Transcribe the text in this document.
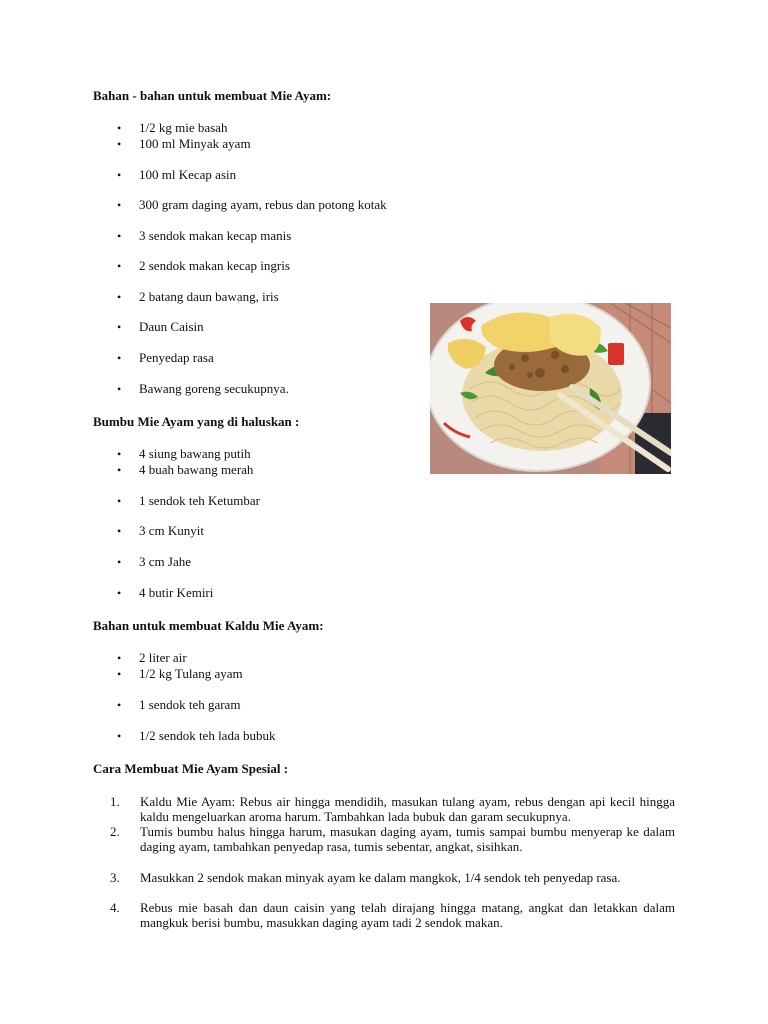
Bahan - bahan untuk membuat Mie Ayam:
• 1/2 kg mie basah
• 100 ml Minyak ayam
• 100 ml Kecap asin
• 300 gram daging ayam, rebus dan potong kotak
• 3 sendok makan kecap manis
• 2 sendok makan kecap ingris
• 2 batang daun bawang, iris
• Daun Caisin
• Penyedap rasa
• Bawang goreng secukupnya.
Bumbu Mie Ayam yang di haluskan :
• 4 siung bawang putih
• 4 buah bawang merah
• 1 sendok teh Ketumbar
• 3 cm Kunyit
• 3 cm Jahe
• 4 butir Kemiri
Bahan untuk membuat Kaldu Mie Ayam:
• 2 liter air
• 1/2 kg Tulang ayam
• 1 sendok teh garam
• 1/2 sendok teh lada bubuk
Cara Membuat Mie Ayam Spesial :
1.	Kaldu Mie Ayam: Rebus air hingga mendidih, masukan tulang ayam, rebus dengan api kecil hingga kaldu mengeluarkan aroma harum. Tambahkan lada bubuk dan garam secukupnya.
2.	Tumis bumbu halus hingga harum, masukan daging ayam, tumis sampai bumbu menyerap ke dalam daging ayam, tambahkan penyedap rasa, tumis sebentar, angkat, sisihkan.
3.	Masukkan 2 sendok makan minyak ayam ke dalam mangkok, 1/4 sendok teh penyedap rasa.
4.	Rebus mie basah dan daun caisin yang telah dirajang hingga matang, angkat dan letakkan dalam mangkuk berisi bumbu, masukkan daging ayam tadi 2 sendok makan.
